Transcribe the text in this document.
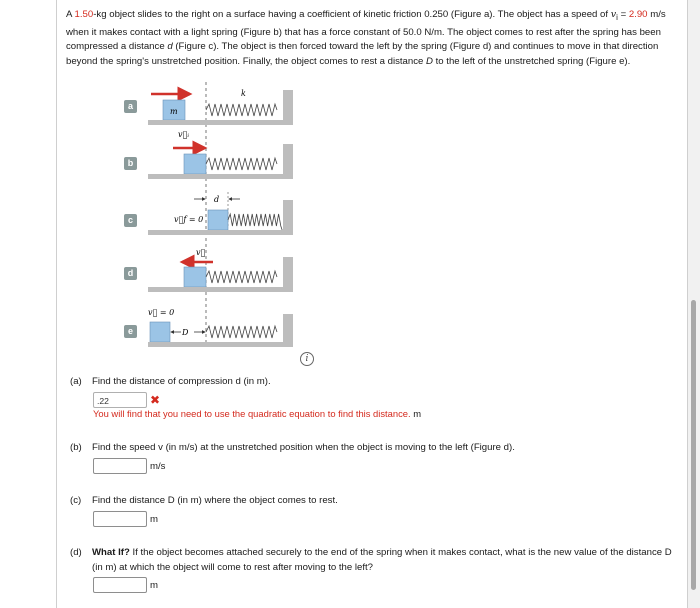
A 1.50-kg object slides to the right on a surface having a coefficient of kinetic friction 0.250 (Figure a). The object has a speed of $v_i = 2.90$ m/s when it makes contact with a light spring (Figure b) that has a force constant of 50.0 N/m. The object comes to rest after the spring has been compressed a distance d (Figure c). The object is then forced toward the left by the spring (Figure d) and continues to move in that direction beyond the spring's unstretched position. Finally, the object comes to rest a distance D to the left of the unstretched spring (Figure e).

a
b
c
d
e
m
k
v⃗ᵢ
d
v⃗f = 0
v⃗
v⃗ = 0
D
i
(a) Find the distance of compression d (in m).
.22	✖
You will find that you need to use the quadratic equation to find this distance. m
(b) Find the speed v (in m/s) at the unstretched position when the object is moving to the left (Figure d).
m/s
(c) Find the distance D (in m) where the object comes to rest.
m
(d) What If? If the object becomes attached securely to the end of the spring when it makes contact, what is the new value of the distance D (in m) at which the object will come to rest after moving to the left?
m
